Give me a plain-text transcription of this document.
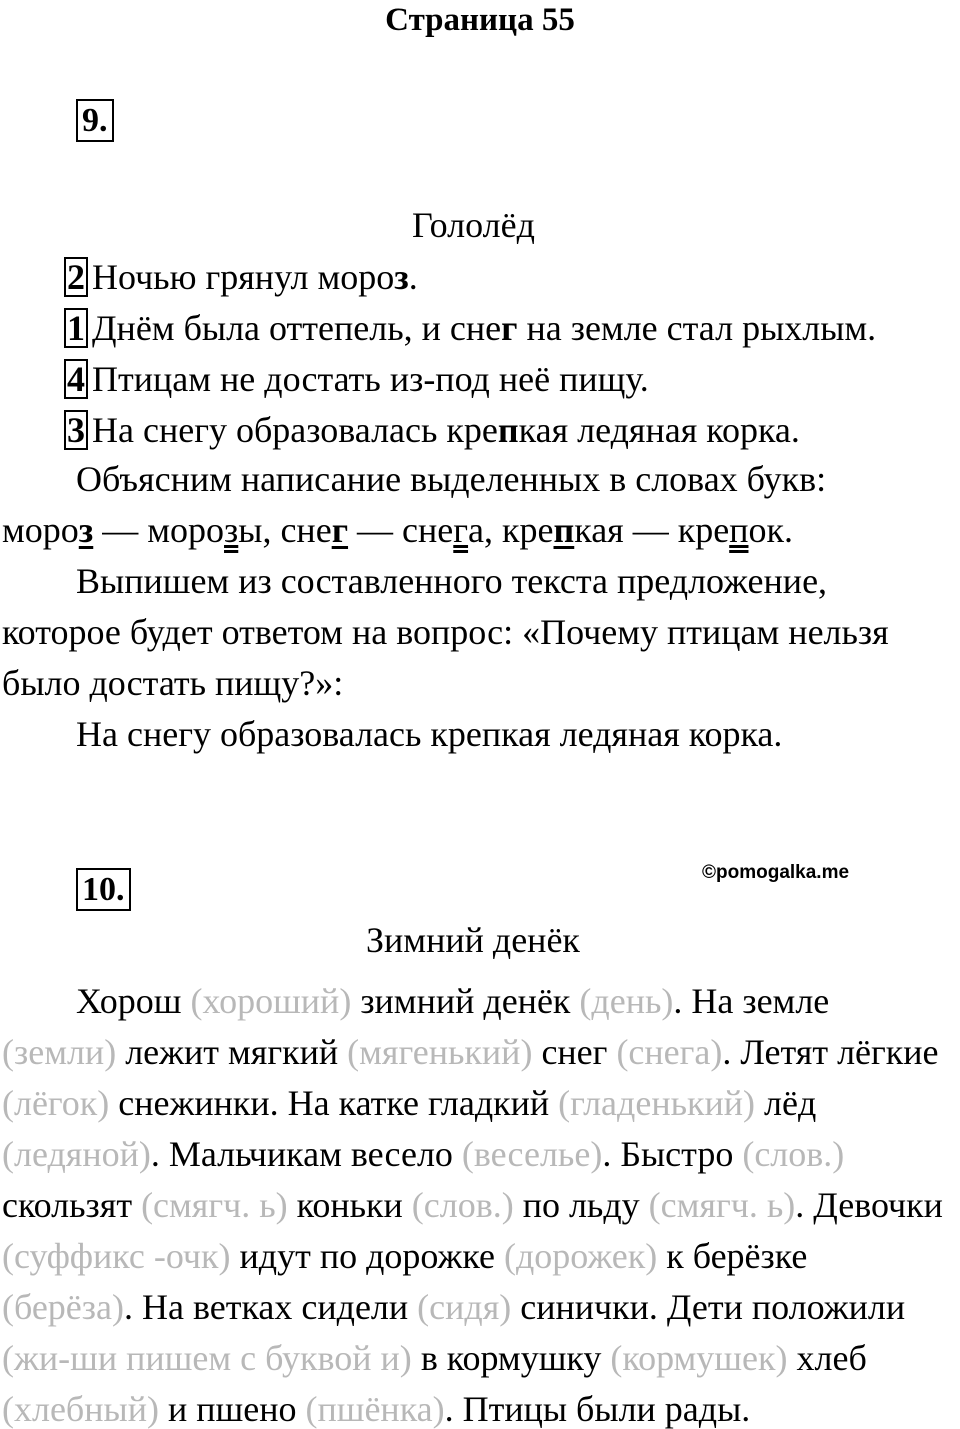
Страница 55
9.
Гололёд
2 Ночью грянул мороз.
1 Днём была оттепель, и снег на земле стал рыхлым.
4 Птицам не достать из-под неё пищу.
3 На снегу образовалась крепкая ледяная корка.
Объясним написание выделенных в словах букв:
мороз — морозы, снег — снега, крепкая — крепок.
Выпишем из составленного текста предложение,
которое будет ответом на вопрос: «Почему птицам нельзя
было достать пищу?»:
На снегу образовалась крепкая ледяная корка.
10.	©pomogalka.me
Зимний денёк
Хорош (хороший) зимний денёк (день). На земле
(земли) лежит мягкий (мягенький) снег (снега). Летят лёгкие
(лёгок) снежинки. На катке гладкий (гладенький) лёд
(ледяной). Мальчикам весело (веселье). Быстро (слов.)
скользят (смягч. ь) коньки (слов.) по льду (смягч. ь). Девочки
(суффикс -очк) идут по дорожке (дорожек) к берёзке
(берёза). На ветках сидели (сидя) синички. Дети положили
(жи-ши пишем с буквой и) в кормушку (кормушек) хлеб
(хлебный) и пшено (пшёнка). Птицы были рады.
